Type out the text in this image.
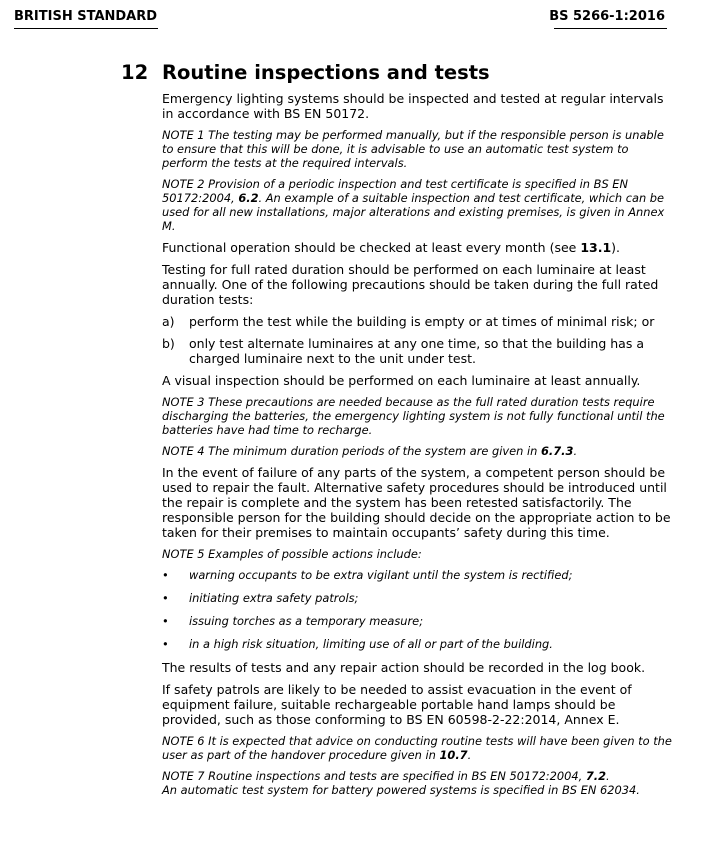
BRITISH STANDARD	BS 5266-1:2016
12 Routine inspections and tests

Emergency lighting systems should be inspected and tested at regular intervals in accordance with BS EN 50172.

NOTE 1 The testing may be performed manually, but if the responsible person is unable to ensure that this will be done, it is advisable to use an automatic test system to perform the tests at the required intervals.

NOTE 2 Provision of a periodic inspection and test certificate is specified in BS EN 50172:2004, 6.2. An example of a suitable inspection and test certificate, which can be used for all new installations, major alterations and existing premises, is given in Annex M.

Functional operation should be checked at least every month (see 13.1).

Testing for full rated duration should be performed on each luminaire at least annually. One of the following precautions should be taken during the full rated duration tests:

a) perform the test while the building is empty or at times of minimal risk; or
b) only test alternate luminaires at any one time, so that the building has a charged luminaire next to the unit under test.

A visual inspection should be performed on each luminaire at least annually.

NOTE 3 These precautions are needed because as the full rated duration tests require discharging the batteries, the emergency lighting system is not fully functional until the batteries have had time to recharge.

NOTE 4 The minimum duration periods of the system are given in 6.7.3.

In the event of failure of any parts of the system, a competent person should be used to repair the fault. Alternative safety procedures should be introduced until the repair is complete and the system has been retested satisfactorily. The responsible person for the building should decide on the appropriate action to be taken for their premises to maintain occupants’ safety during this time.

NOTE 5 Examples of possible actions include:

• warning occupants to be extra vigilant until the system is rectified;
• initiating extra safety patrols;
• issuing torches as a temporary measure;
• in a high risk situation, limiting use of all or part of the building.

The results of tests and any repair action should be recorded in the log book.

If safety patrols are likely to be needed to assist evacuation in the event of equipment failure, suitable rechargeable portable hand lamps should be provided, such as those conforming to BS EN 60598-2-22:2014, Annex E.

NOTE 6 It is expected that advice on conducting routine tests will have been given to the user as part of the handover procedure given in 10.7.

NOTE 7 Routine inspections and tests are specified in BS EN 50172:2004, 7.2.
An automatic test system for battery powered systems is specified in BS EN 62034.
